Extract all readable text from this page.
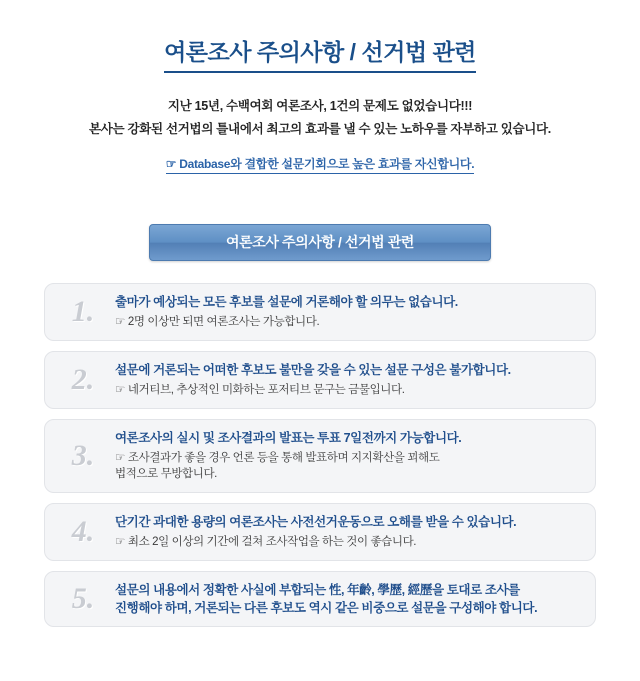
여론조사 주의사항 / 선거법 관련
지난 15년, 수백여회 여론조사, 1건의 문제도 없었습니다!!!
본사는 강화된 선거법의 틀내에서 최고의 효과를 낼 수 있는 노하우를 자부하고 있습니다.
☞ Database와 결합한 설문기회으로 높은 효과를 자신합니다.
여론조사 주의사항 / 선거법 관련
1.	출마가 예상되는 모든 후보를 설문에 거론해야 할 의무는 없습니다.
☞ 2명 이상만 되면 여론조사는 가능합니다.
2.	설문에 거론되는 어떠한 후보도 불만을 갖을 수 있는 설문 구성은 불가합니다.
☞ 네거티브, 추상적인 미화하는 포저티브 문구는 금물입니다.
3.
여론조사의 실시 및 조사결과의 발표는 투표 7일전까지 가능합니다.
☞ 조사결과가 좋을 경우 언론 등을 통해 발표하며 지지확산을 꾀해도
법적으로 무방합니다.
4.	단기간 과대한 용량의 여론조사는 사전선거운동으로 오해를 받을 수 있습니다.
☞ 최소 2일 이상의 기간에 걸쳐 조사작업을 하는 것이 좋습니다.
5.	설문의 내용에서 정확한 사실에 부합되는 性, 年齡, 學歷, 經歷을 토대로 조사를
진행해야 하며, 거론되는 다른 후보도 역시 같은 비중으로 설문을 구성해야 합니다.
